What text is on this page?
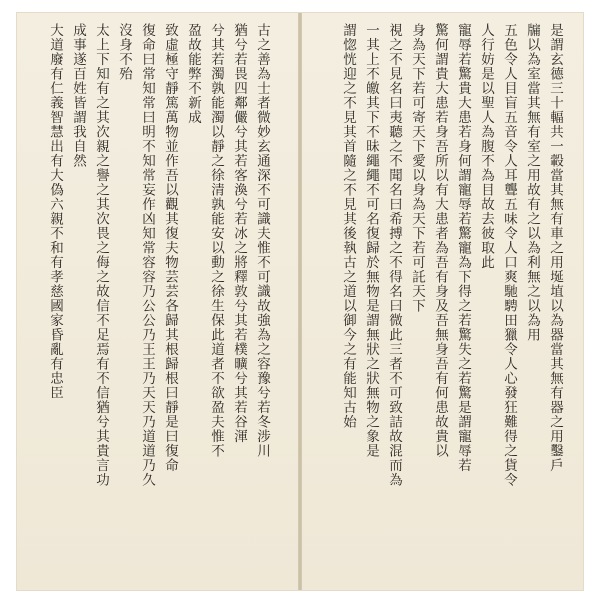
古之善為士者微妙玄通深不可識夫惟不可識故強為之容豫兮若冬涉川
猶兮若畏四鄰儼兮其若客渙兮若冰之將釋敦兮其若樸曠兮其若谷渾
兮其若濁孰能濁以靜之徐清孰能安以動之徐生保此道者不欲盈夫惟不
盈故能弊不新成
致虛極守靜篤萬物並作吾以觀其復夫物芸芸各歸其根歸根曰靜是曰復命
復命曰常知常曰明不知常妄作凶知常容容乃公公乃王王乃天天乃道道乃久
沒身不殆
太上下知有之其次親之譽之其次畏之侮之故信不足焉有不信猶兮其貴言功
成事遂百姓皆謂我自然
大道廢有仁義智慧出有大偽六親不和有孝慈國家昏亂有忠臣	是謂玄德三十輻共一轂當其無有車之用埏埴以為器當其無有器之用鑿戶
牖以為室當其無有室之用故有之以為利無之以為用
五色令人目盲五音令人耳聾五味令人口爽馳騁田獵令人心發狂難得之貨令
人行妨是以聖人為腹不為目故去彼取此
寵辱若驚貴大患若身何謂寵辱若驚寵為下得之若驚失之若驚是謂寵辱若
驚何謂貴大患若身吾所以有大患者為吾有身及吾無身吾有何患故貴以
身為天下若可寄天下愛以身為天下若可託天下
視之不見名曰夷聽之不聞名曰希搏之不得名曰微此三者不可致詰故混而為
一其上不皦其下不昧繩繩不可名復歸於無物是謂無狀之狀無物之象是
謂惚恍迎之不見其首隨之不見其後執古之道以御今之有能知古始
